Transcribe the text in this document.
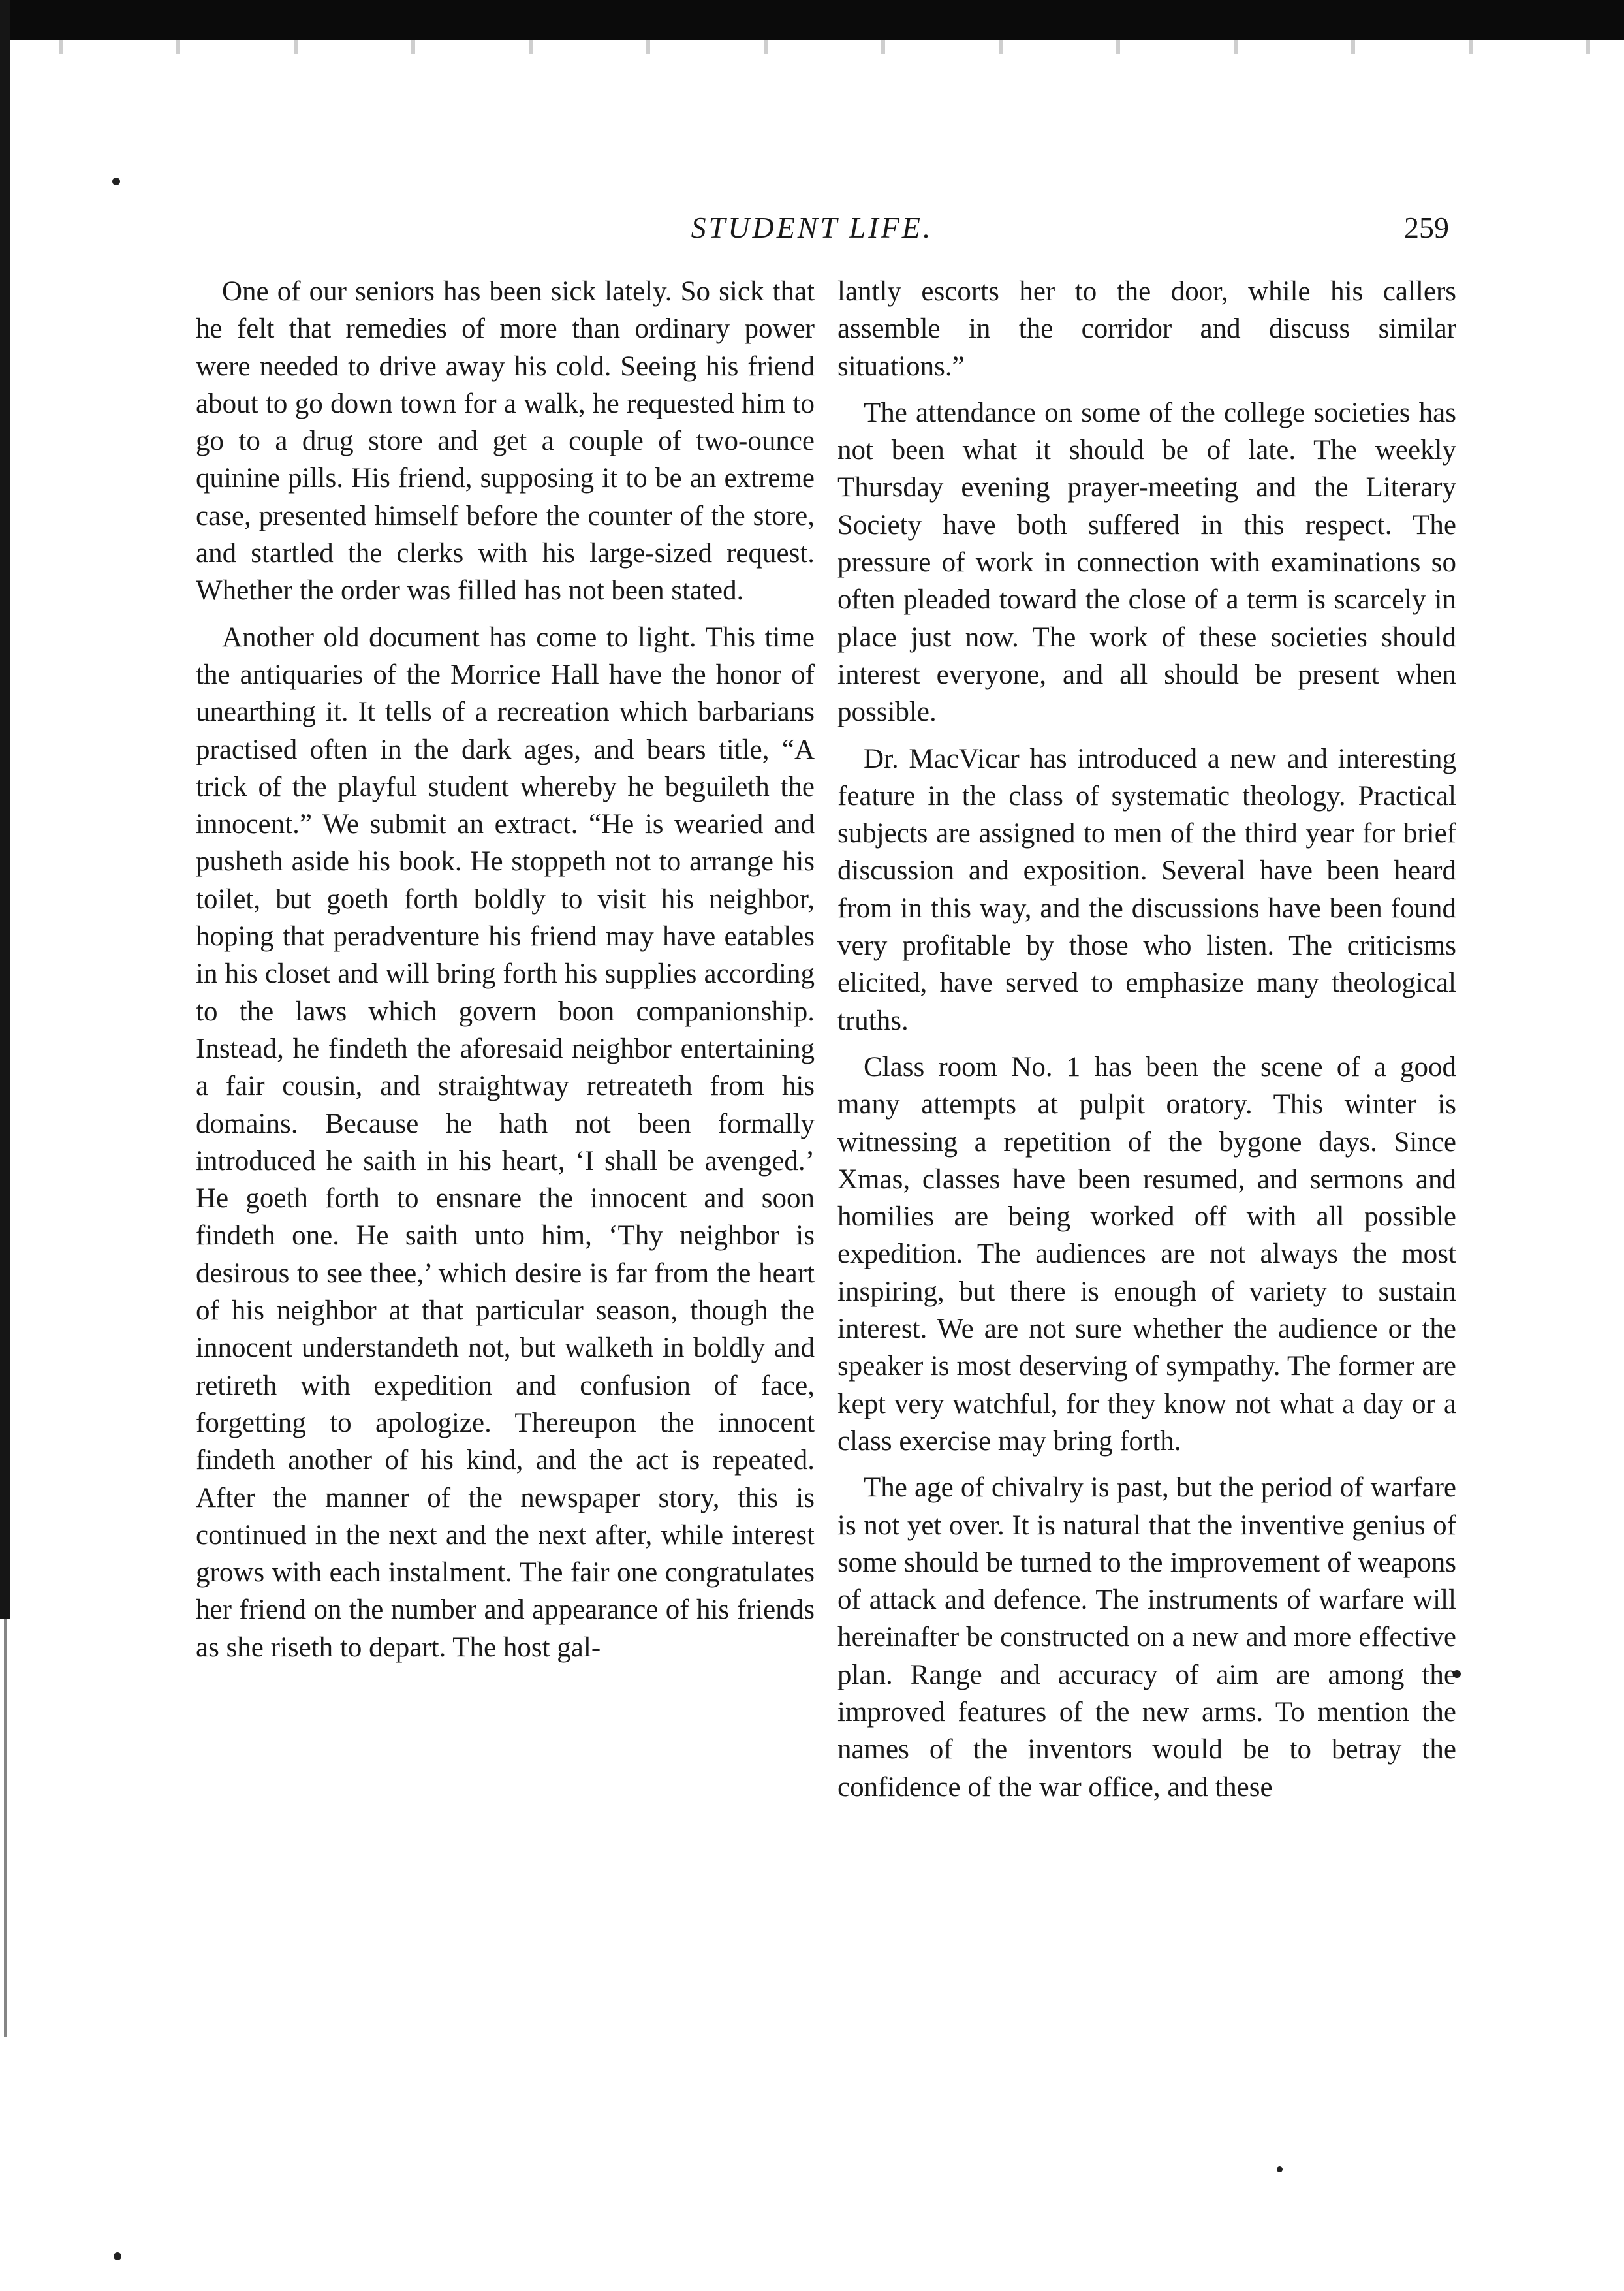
STUDENT LIFE.	259

One of our seniors has been sick lately. So sick that he felt that remedies of more than ordinary power were needed to drive away his cold. Seeing his friend about to go down town for a walk, he requested him to go to a drug store and get a couple of two-ounce quinine pills. His friend, supposing it to be an extreme case, presented himself before the counter of the store, and startled the clerks with his large-sized request. Whether the order was filled has not been stated.

Another old document has come to light. This time the antiquaries of the Morrice Hall have the honor of unearthing it. It tells of a recreation which barbarians practised often in the dark ages, and bears title, “A trick of the playful student whereby he beguileth the innocent.” We submit an extract. “He is wearied and pusheth aside his book. He stoppeth not to arrange his toilet, but goeth forth boldly to visit his neighbor, hoping that peradventure his friend may have eatables in his closet and will bring forth his supplies according to the laws which govern boon companionship. Instead, he findeth the aforesaid neighbor entertaining a fair cousin, and straightway retreateth from his domains. Because he hath not been formally introduced he saith in his heart, ‘I shall be avenged.’ He goeth forth to ensnare the innocent and soon findeth one. He saith unto him, ‘Thy neighbor is desirous to see thee,’ which desire is far from the heart of his neighbor at that particular season, though the innocent understandeth not, but walketh in boldly and retireth with expedition and confusion of face, forgetting to apologize. Thereupon the innocent findeth another of his kind, and the act is repeated. After the manner of the newspaper story, this is continued in the next and the next after, while interest grows with each instalment. The fair one congratulates her friend on the number and appearance of his friends as she riseth to depart. The host gal-

lantly escorts her to the door, while his callers assemble in the corridor and discuss similar situations.”

The attendance on some of the college societies has not been what it should be of late. The weekly Thursday evening prayer-meeting and the Literary Society have both suffered in this respect. The pressure of work in connection with examinations so often pleaded toward the close of a term is scarcely in place just now. The work of these societies should interest everyone, and all should be present when possible.

Dr. MacVicar has introduced a new and interesting feature in the class of systematic theology. Practical subjects are assigned to men of the third year for brief discussion and exposition. Several have been heard from in this way, and the discussions have been found very profitable by those who listen. The criticisms elicited, have served to emphasize many theological truths.

Class room No. 1 has been the scene of a good many attempts at pulpit oratory. This winter is witnessing a repetition of the bygone days. Since Xmas, classes have been resumed, and sermons and homilies are being worked off with all possible expedition. The audiences are not always the most inspiring, but there is enough of variety to sustain interest. We are not sure whether the audience or the speaker is most deserving of sympathy. The former are kept very watchful, for they know not what a day or a class exercise may bring forth.

The age of chivalry is past, but the period of warfare is not yet over. It is natural that the inventive genius of some should be turned to the improvement of weapons of attack and defence. The instruments of warfare will hereinafter be constructed on a new and more effective plan. Range and accuracy of aim are among the improved features of the new arms. To mention the names of the inventors would be to betray the confidence of the war office, and these
